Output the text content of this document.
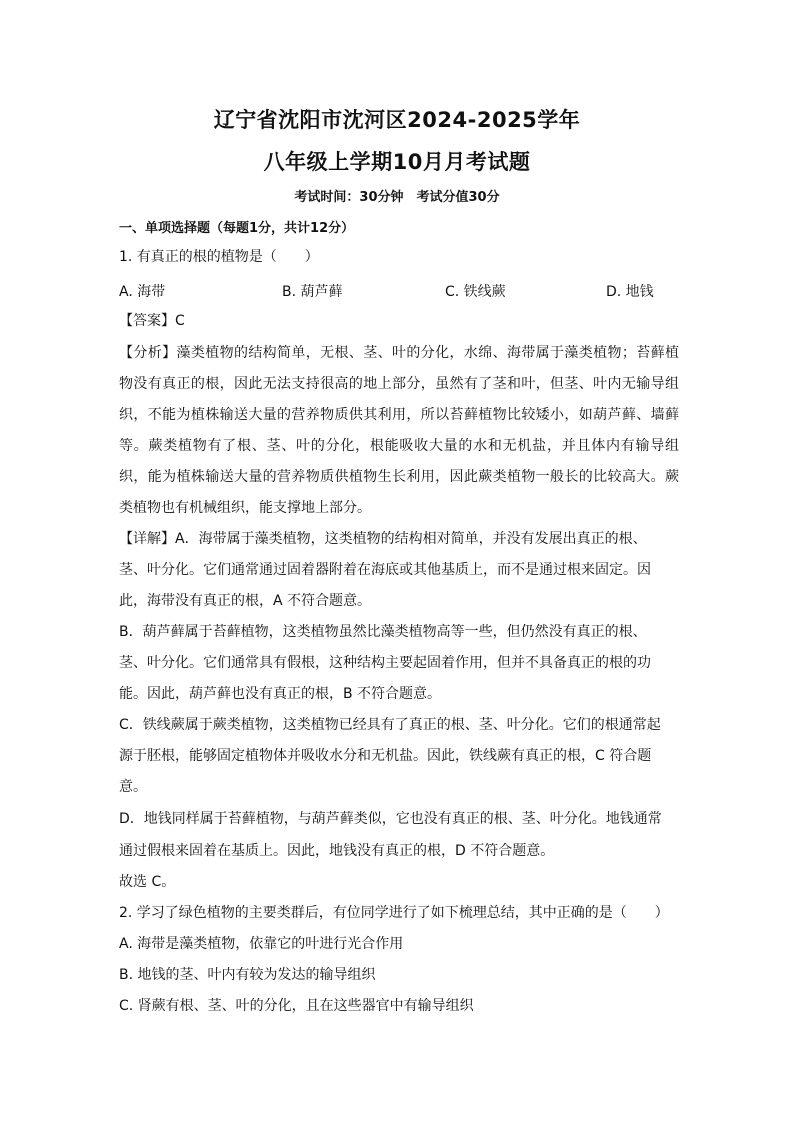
辽宁省沈阳市沈河区2024-2025学年
八年级上学期10月月考试题
考试时间：30分钟　考试分值30分
一、单项选择题（每题1分，共计12分）
1. 有真正的根的植物是（　　）
A. 海带	B. 葫芦藓	C. 铁线蕨	D. 地钱
【答案】C
【分析】藻类植物的结构简单，无根、茎、叶的分化，水绵、海带属于藻类植物；苔藓植
物没有真正的根，因此无法支持很高的地上部分，虽然有了茎和叶，但茎、叶内无输导组
织，不能为植株输送大量的营养物质供其利用，所以苔藓植物比较矮小，如葫芦藓、墙藓
等。蕨类植物有了根、茎、叶的分化，根能吸收大量的水和无机盐，并且体内有输导组
织，能为植株输送大量的营养物质供植物生长利用，因此蕨类植物一般长的比较高大。蕨
类植物也有机械组织，能支撑地上部分。
【详解】A．海带属于藻类植物，这类植物的结构相对简单，并没有发展出真正的根、
茎、叶分化。它们通常通过固着器附着在海底或其他基质上，而不是通过根来固定。因
此，海带没有真正的根，A 不符合题意。
B．葫芦藓属于苔藓植物，这类植物虽然比藻类植物高等一些，但仍然没有真正的根、
茎、叶分化。它们通常具有假根，这种结构主要起固着作用，但并不具备真正的根的功
能。因此，葫芦藓也没有真正的根，B 不符合题意。
C．铁线蕨属于蕨类植物，这类植物已经具有了真正的根、茎、叶分化。它们的根通常起
源于胚根，能够固定植物体并吸收水分和无机盐。因此，铁线蕨有真正的根，C 符合题
意。
D．地钱同样属于苔藓植物，与葫芦藓类似，它也没有真正的根、茎、叶分化。地钱通常
通过假根来固着在基质上。因此，地钱没有真正的根，D 不符合题意。
故选 C。
2. 学习了绿色植物的主要类群后，有位同学进行了如下梳理总结，其中正确的是（　　）
A. 海带是藻类植物，依靠它的叶进行光合作用
B. 地钱的茎、叶内有较为发达的输导组织
C. 肾蕨有根、茎、叶的分化，且在这些器官中有输导组织
